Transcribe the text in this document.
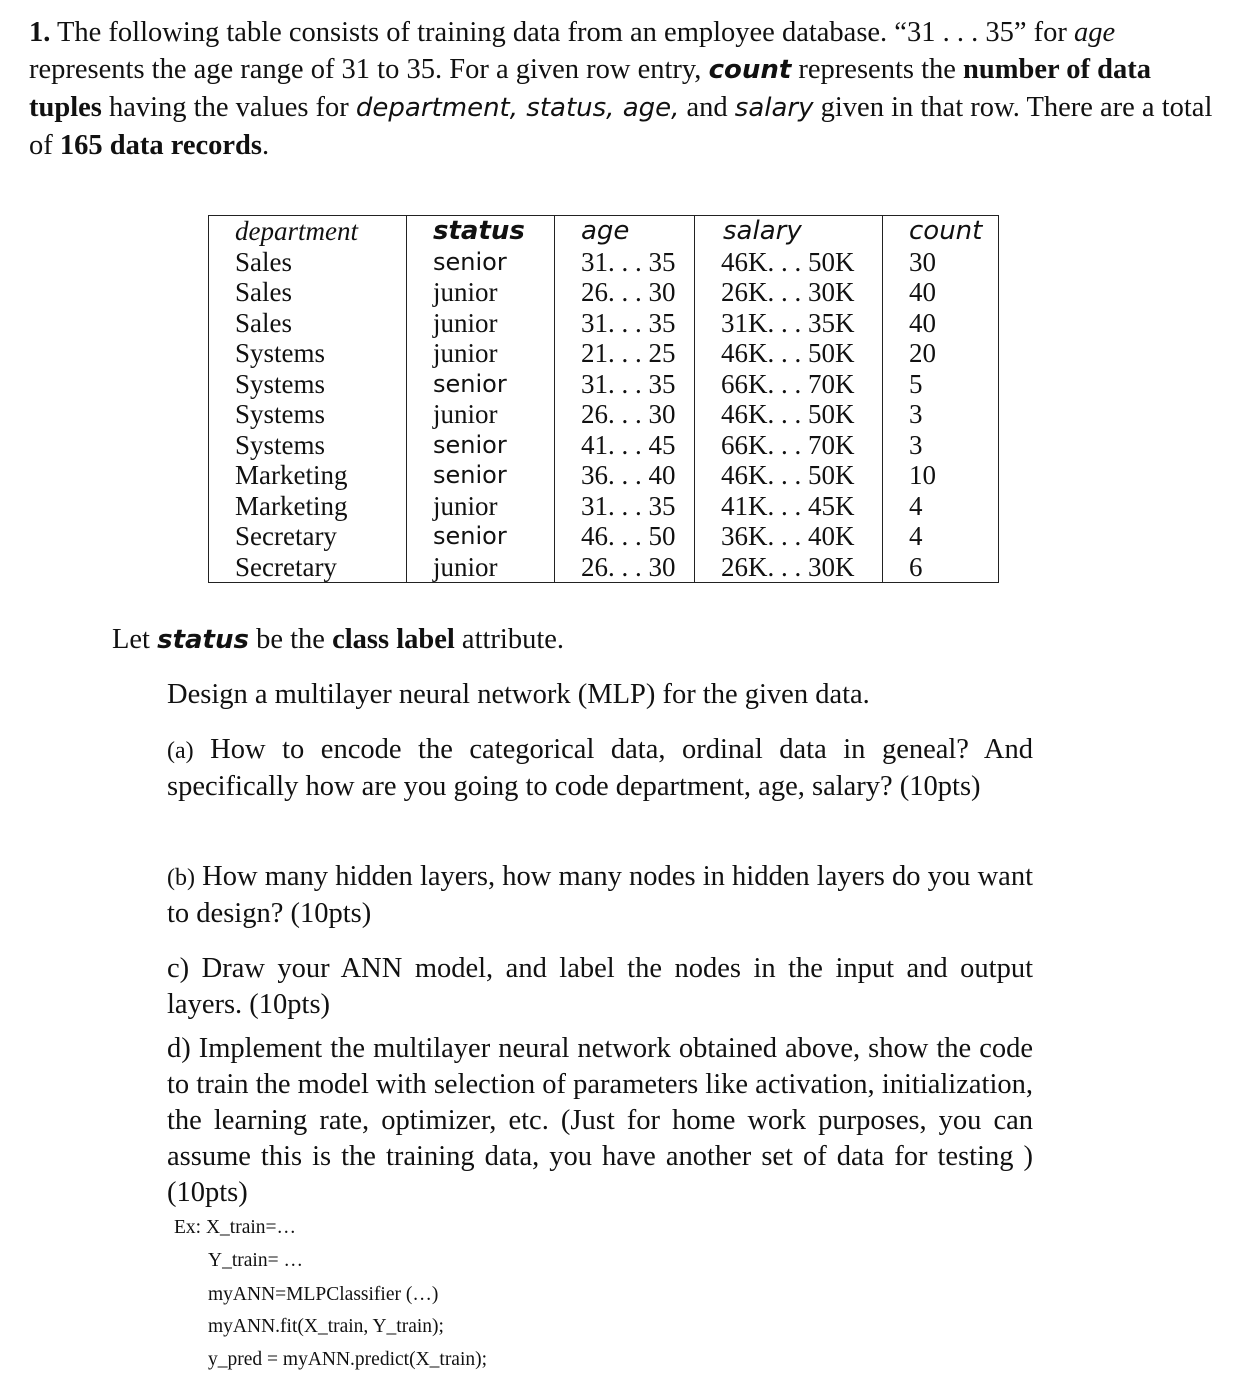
1. The following table consists of training data from an employee database. “31 . . . 35” for age represents the age range of 31 to 35. For a given row entry, count represents the number of data tuples having the values for department, status, age, and salary given in that row. There are a total of 165 data records.

department	status	age	salary	count
Sales	senior	31. . . 35	46K. . . 50K	30
Sales	junior	26. . . 30	26K. . . 30K	40
Sales	junior	31. . . 35	31K. . . 35K	40
Systems	junior	21. . . 25	46K. . . 50K	20
Systems	senior	31. . . 35	66K. . . 70K	5
Systems	junior	26. . . 30	46K. . . 50K	3
Systems	senior	41. . . 45	66K. . . 70K	3
Marketing	senior	36. . . 40	46K. . . 50K	10
Marketing	junior	31. . . 35	41K. . . 45K	4
Secretary	senior	46. . . 50	36K. . . 40K	4
Secretary	junior	26. . . 30	26K. . . 30K	6

Let status be the class label attribute.

Design a multilayer neural network (MLP) for the given data.

(a) How to encode the categorical data, ordinal data in geneal? And specifically how are you going to code department, age, salary? (10pts)

(b) How many hidden layers, how many nodes in hidden layers do you want to design? (10pts)

c) Draw your ANN model, and label the nodes in the input and output layers. (10pts)

d) Implement the multilayer neural network obtained above, show the code to train the model with selection of parameters like activation, initialization, the learning rate, optimizer, etc. (Just for home work purposes, you can assume this is the training data, you have another set of data for testing ) (10pts)

Ex: X_train=…

Y_train= …

myANN=MLPClassifier (…)

myANN.fit(X_train, Y_train);

y_pred = myANN.predict(X_train);
